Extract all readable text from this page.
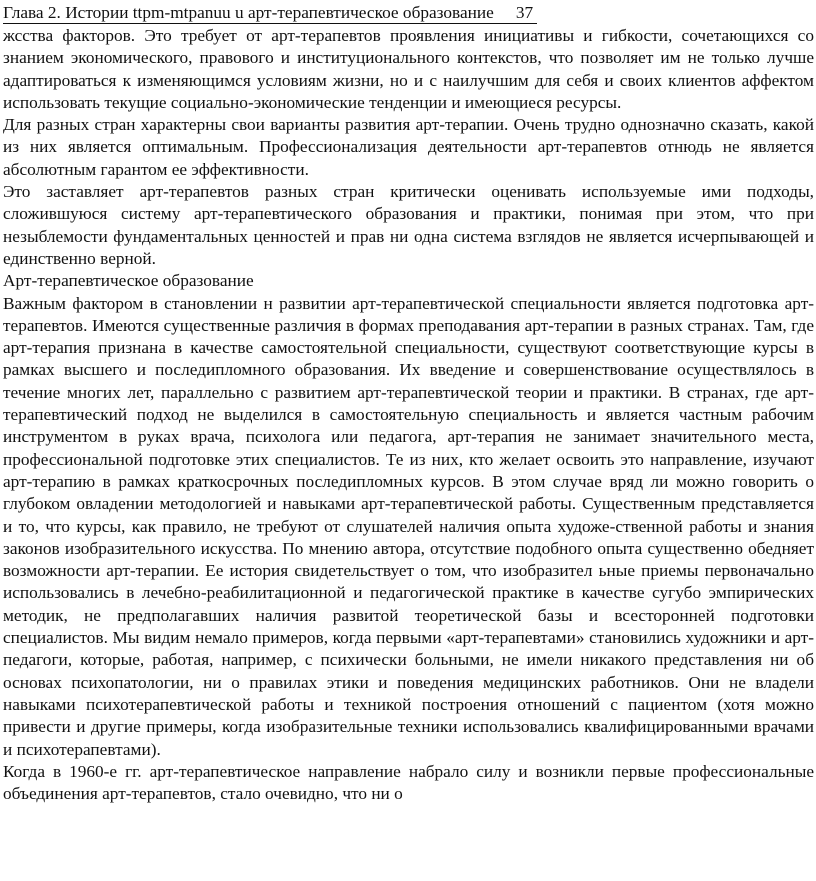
Глава 2. Истории ttpm-mtpanuu u арт-терапевтическое образование 37

жсства факторов. Это требует от арт-терапевтов проявления инициативы и гибкости, сочетающихся со знанием экономического, правового и институционального контекстов, что позволяет им не только лучше адаптироваться к изменяющимся условиям жизни, но и с наилучшим для себя и своих клиентов аффектом использовать текущие социально-экономические тенденции и имеющиеся ресурсы.

Для разных стран характерны свои варианты развития арт-терапии. Очень трудно однозначно сказать, какой из них является оптимальным. Профессионализация деятельности арт-терапевтов отнюдь не является абсолютным гарантом ее эффективности.

Это заставляет арт-терапевтов разных стран критически оценивать используемые ими подходы, сложившуюся систему арт-терапевтического образования и практики, понимая при этом, что при незыблемости фундаментальных ценностей и прав ни одна система взглядов не является исчерпывающей и единственно верной.

Арт-терапевтическое образование

Важным фактором в становлении н развитии арт-терапевтической специальности является подготовка арт-терапевтов. Имеются существенные различия в формах преподавания арт-терапии в разных странах. Там, где арт-терапия признана в качестве самостоятельной специальности, существуют соответствующие курсы в рамках высшего и последипломного образования. Их введение и совершенствование осуществлялось в течение многих лет, параллельно с развитием арт-терапевтической теории и практики. В странах, где арт-терапевтический подход не выделился в самостоятельную специальность и является частным рабочим инструментом в руках врача, психолога или педагога, арт-терапия не занимает значительного места, профессиональной подготовке этих специалистов. Те из них, кто желает освоить это направление, изучают арт-терапию в рамках краткосрочных последипломных курсов. В этом случае вряд ли можно говорить о глубоком овладении методологией и навыками арт-терапевтической работы. Существенным представляется и то, что курсы, как правило, не требуют от слушателей наличия опыта художе-ственной работы и знания законов изобразительного искусства. По мнению автора, отсутствие подобного опыта существенно обедняет возможности арт-терапии. Ее история свидетельствует о том, что изобразител ьные приемы первоначально использовались в лечебно-реабилитационной и педагогической практике в качестве сугубо эмпирических методик, не предполагавших наличия развитой теоретической базы и всесторонней подготовки специалистов. Мы видим немало примеров, когда первыми «арт-терапевтами» становились художники и арт-педагоги, которые, работая, например, с психически больными, не имели никакого представления ни об основах психопатологии, ни о правилах этики и поведения медицинских работников. Они не владели навыками психотерапевтической работы и техникой построения отношений с пациентом (хотя можно привести и другие примеры, когда изобразительные техники использовались квалифицированными врачами и психотерапевтами).

Когда в 1960-е гг. арт-терапевтическое направление набрало силу и возникли первые профессиональные объединения арт-терапевтов, стало очевидно, что ни о
